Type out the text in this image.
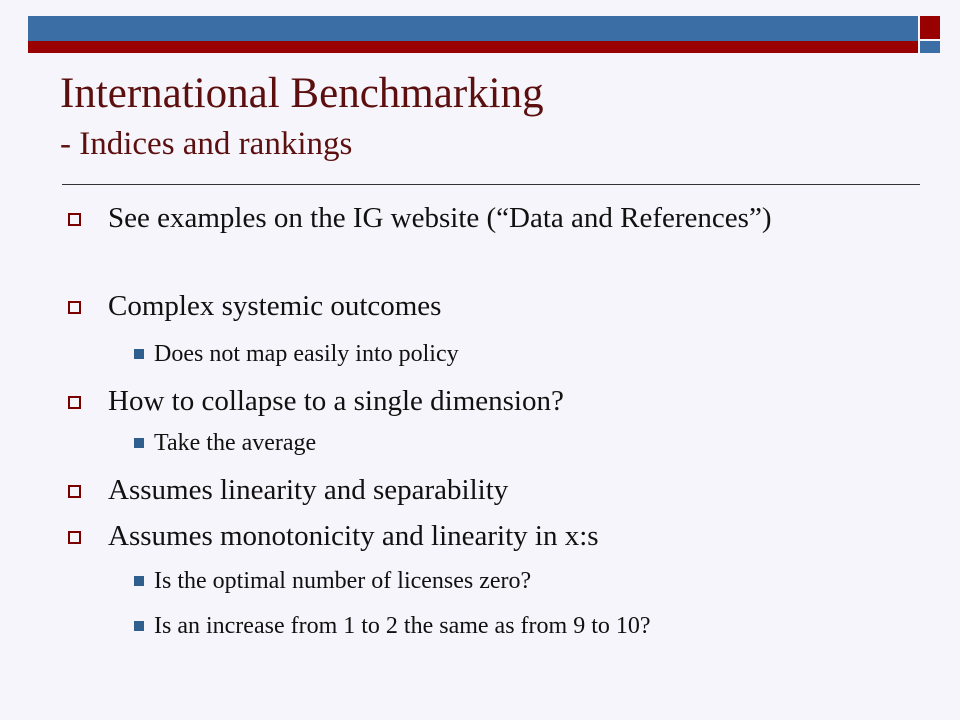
International Benchmarking
- Indices and rankings
See examples on the IG website (“Data and References”)
Complex systemic outcomes
Does not map easily into policy
How to collapse to a single dimension?
Take the average
Assumes linearity and separability
Assumes monotonicity and linearity in x:s
Is the optimal number of licenses zero?
Is an increase from 1 to 2 the same as from 9 to 10?
